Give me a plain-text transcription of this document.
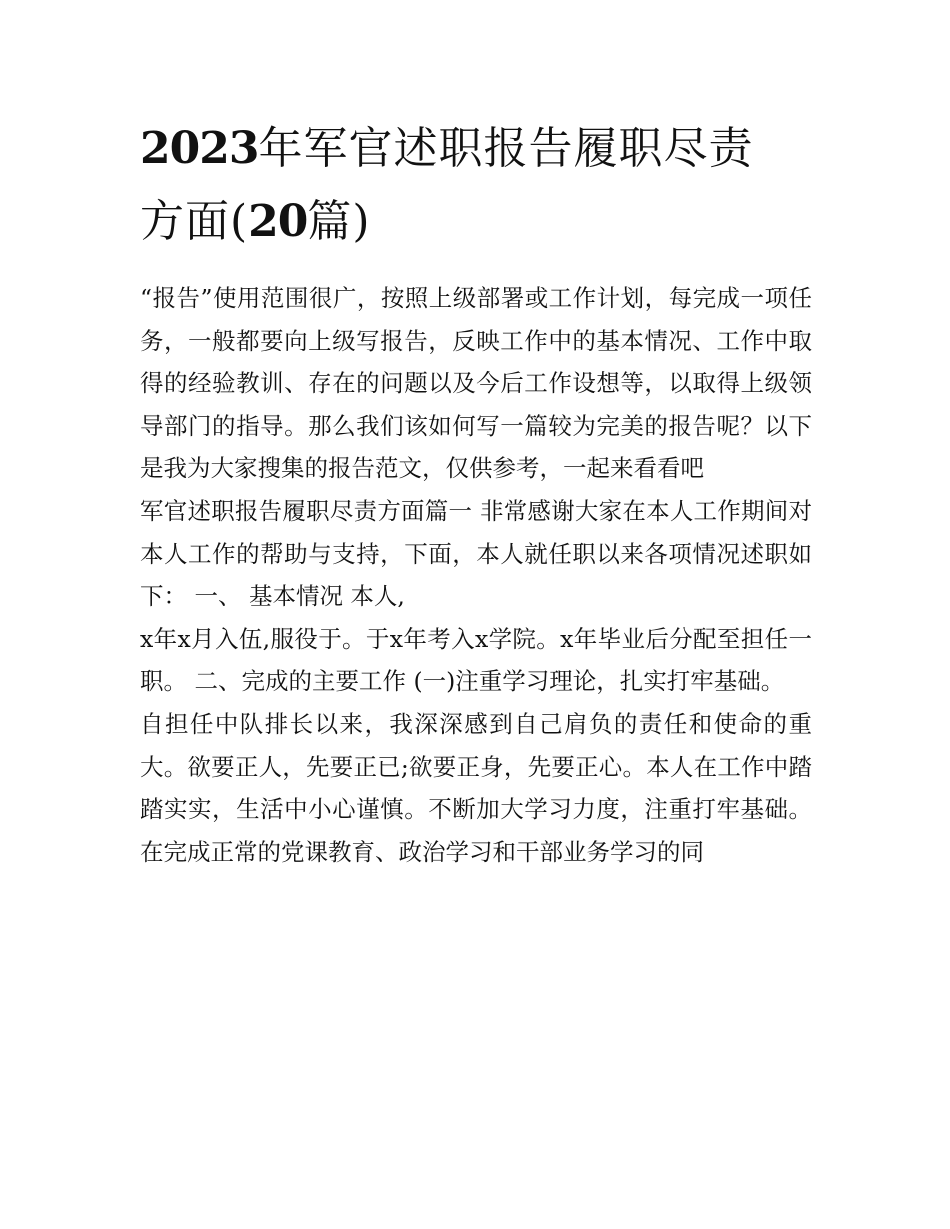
2023年军官述职报告履职尽责
方面(20篇)

“报告”使用范围很广，按照上级部署或工作计划，每完成一项任务，一般都要向上级写报告，反映工作中的基本情况、工作中取得的经验教训、存在的问题以及今后工作设想等，以取得上级领导部门的指导。那么我们该如何写一篇较为完美的报告呢？以下是我为大家搜集的报告范文，仅供参考，一起来看看吧

军官述职报告履职尽责方面篇一 非常感谢大家在本人工作期间对本人工作的帮助与支持，下面，本人就任职以来各项情况述职如下： 一、 基本情况 本人,

x年x月入伍,服役于。于x年考入x学院。x年毕业后分配至担任一职。 二、完成的主要工作 (一)注重学习理论，扎实打牢基础。

自担任中队排长以来，我深深感到自己肩负的责任和使命的重大。欲要正人，先要正已;欲要正身，先要正心。本人在工作中踏踏实实，生活中小心谨慎。不断加大学习力度，注重打牢基础。在完成正常的党课教育、政治学习和干部业务学习的同
